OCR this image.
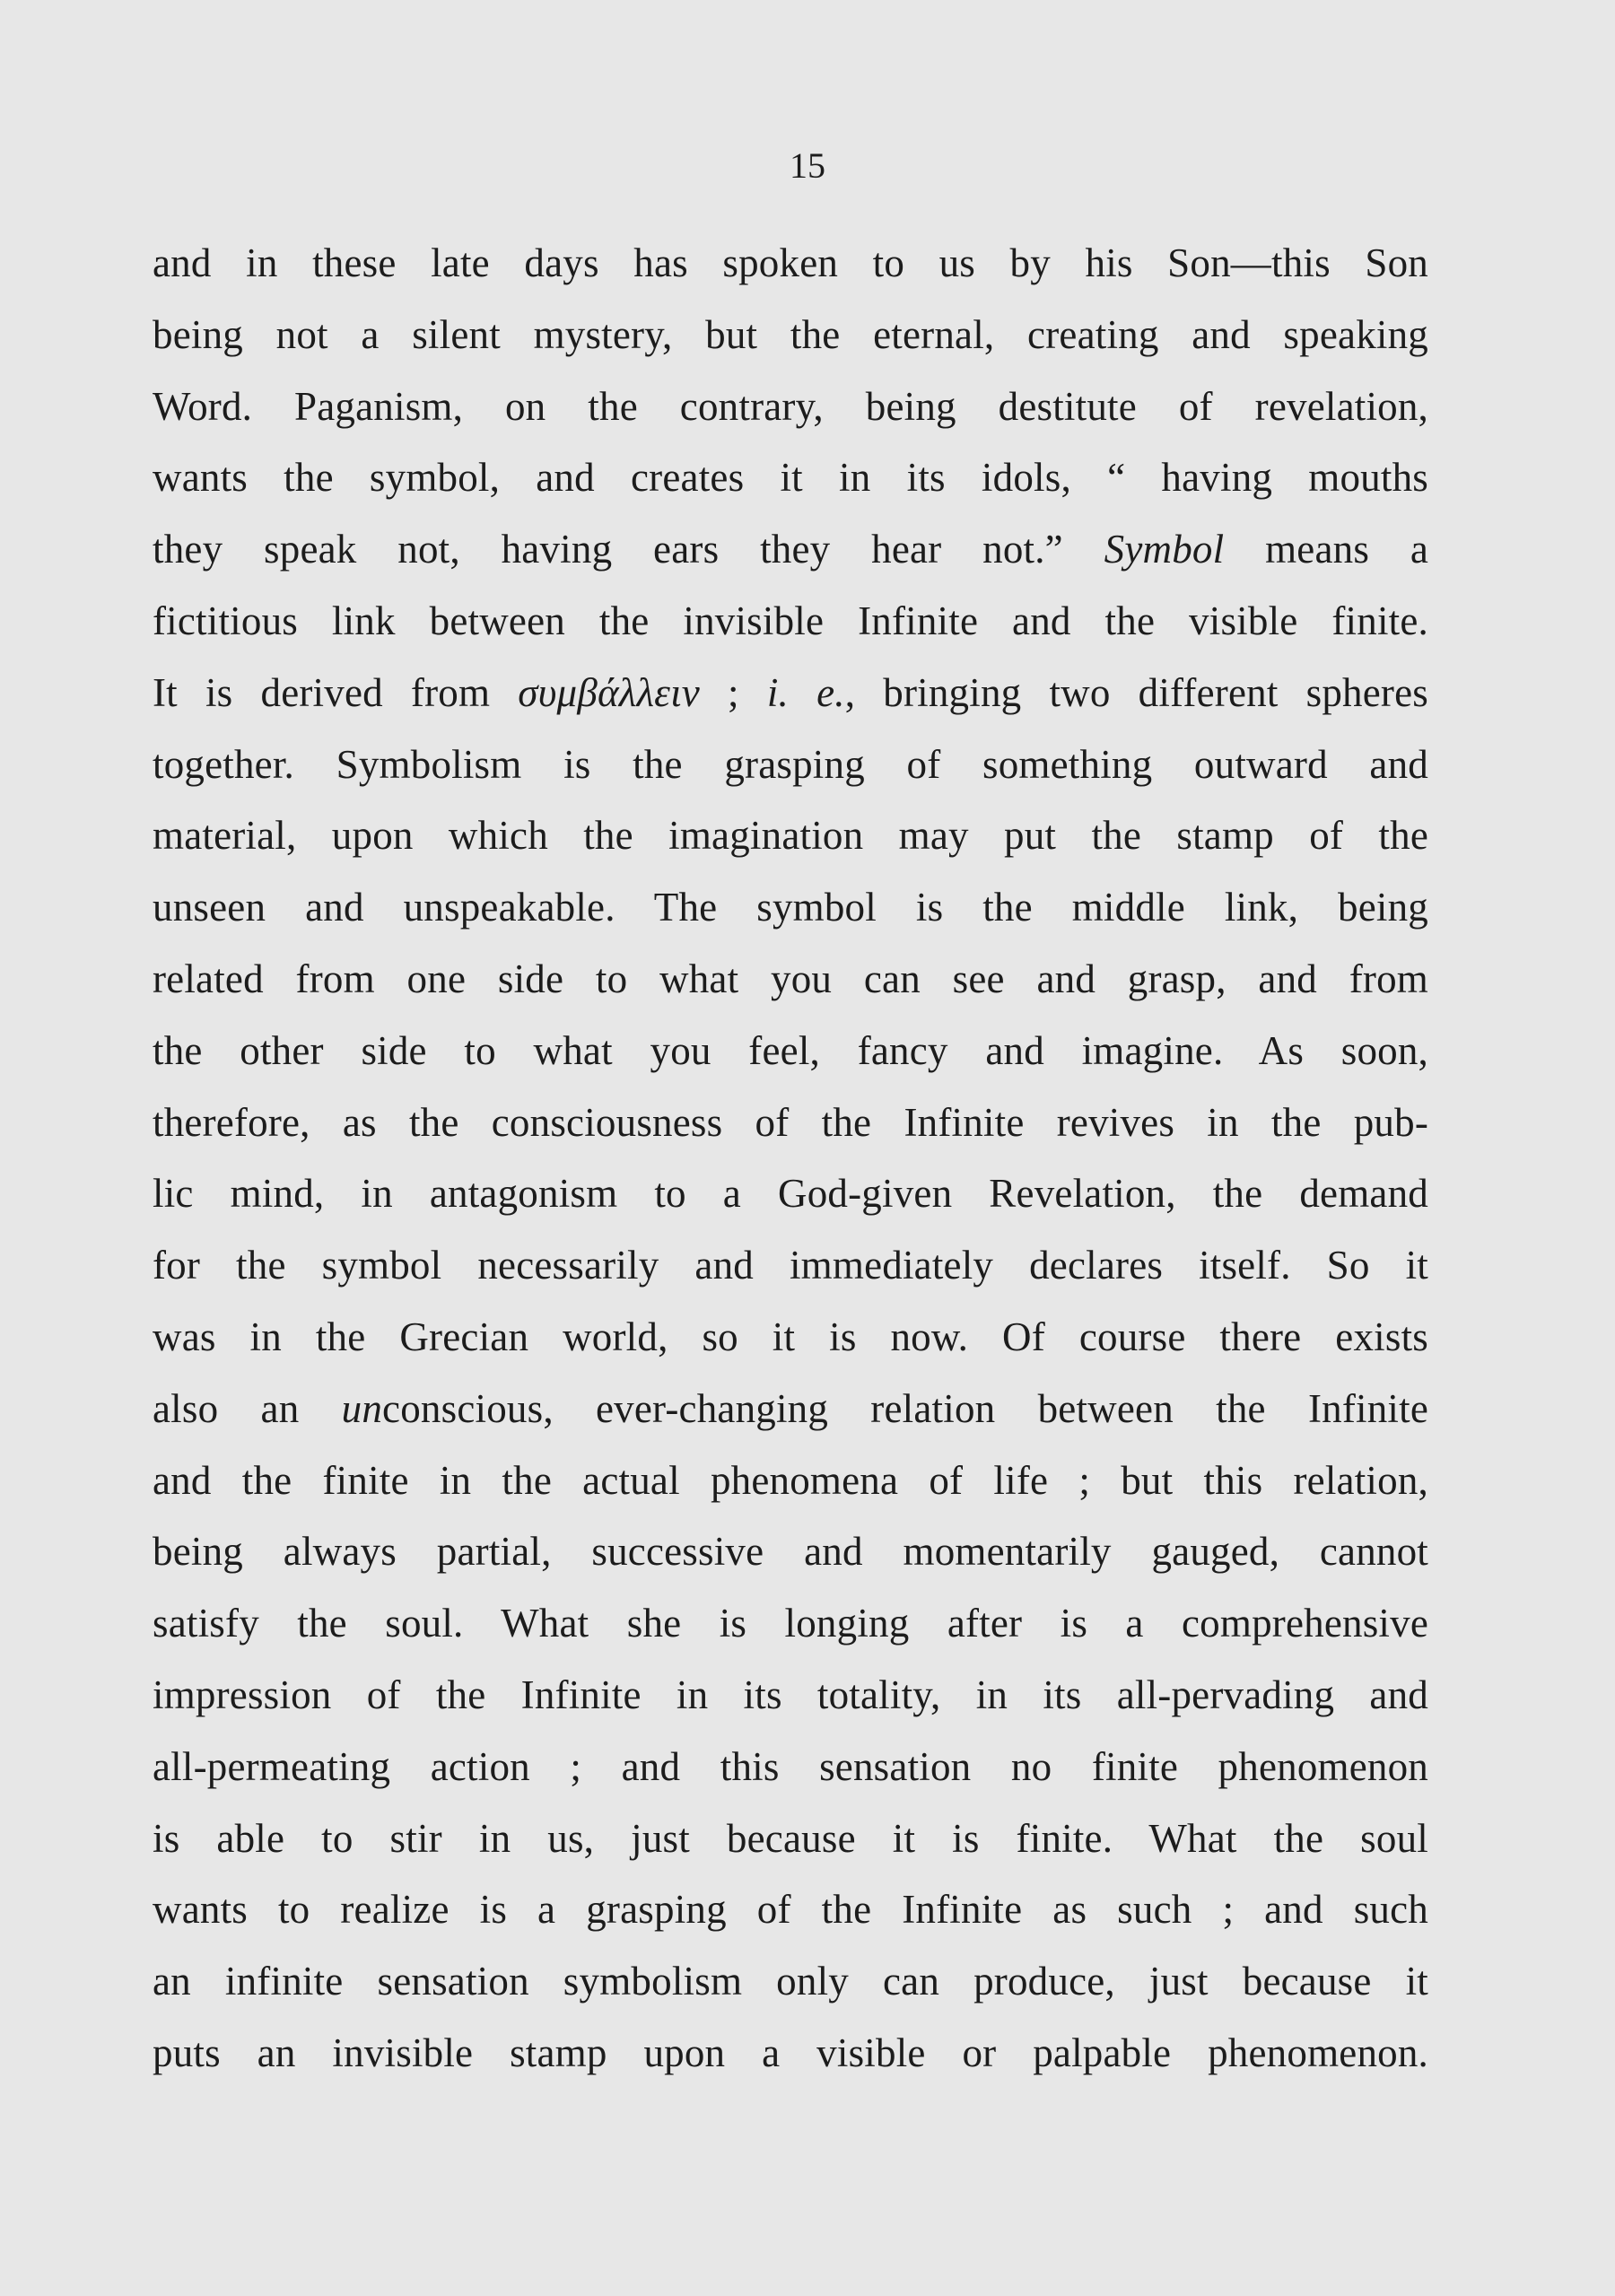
15
and in these late days has spoken to us by his Son—this Son
being not a silent mystery, but the eternal, creating and speaking
Word. Paganism, on the contrary, being destitute of revelation,
wants the symbol, and creates it in its idols, “ having mouths
they speak not, having ears they hear not.” Symbol means a
fictitious link between the invisible Infinite and the visible finite.
It is derived from συμβάλλειν ; i. e., bringing two different spheres
together. Symbolism is the grasping of something outward and
material, upon which the imagination may put the stamp of the
unseen and unspeakable. The symbol is the middle link, being
related from one side to what you can see and grasp, and from
the other side to what you feel, fancy and imagine. As soon,
therefore, as the consciousness of the Infinite revives in the pub-
lic mind, in antagonism to a God-given Revelation, the demand
for the symbol necessarily and immediately declares itself. So it
was in the Grecian world, so it is now. Of course there exists
also an unconscious, ever-changing relation between the Infinite
and the finite in the actual phenomena of life ; but this relation,
being always partial, successive and momentarily gauged, cannot
satisfy the soul. What she is longing after is a comprehensive
impression of the Infinite in its totality, in its all-pervading and
all-permeating action ; and this sensation no finite phenomenon
is able to stir in us, just because it is finite. What the soul
wants to realize is a grasping of the Infinite as such ; and such
an infinite sensation symbolism only can produce, just because it
puts an invisible stamp upon a visible or palpable phenomenon.
